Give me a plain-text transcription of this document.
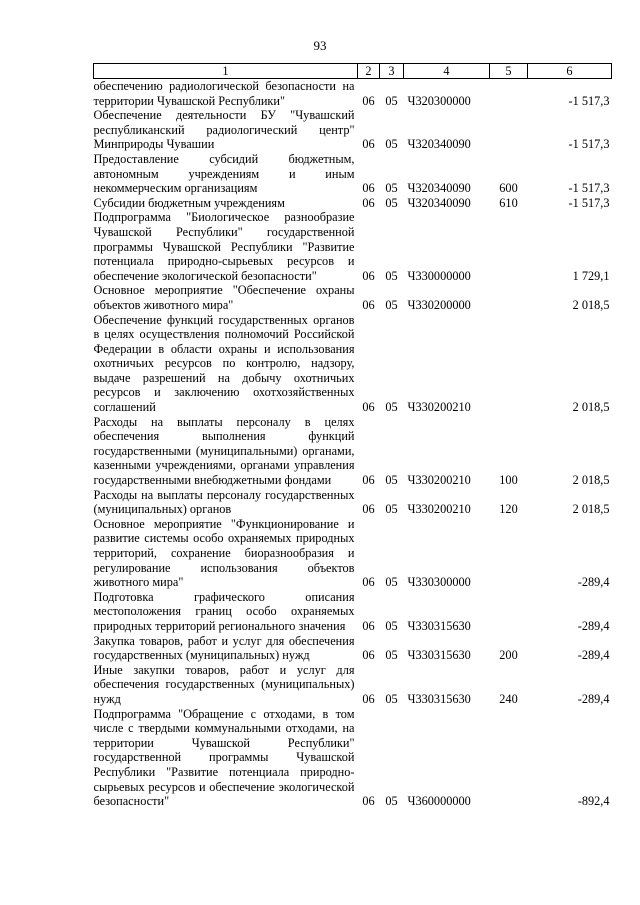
93
1	2	3	4	5	6
обеспечению радиологической безопасности на территории Чувашской Республики"	06	05	Ч320300000		-1 517,3
Обеспечение деятельности БУ "Чувашский республиканский радиологический центр" Минприроды Чувашии	06	05	Ч320340090		-1 517,3
Предоставление субсидий бюджетным, автономным учреждениям и иным некоммерческим организациям	06	05	Ч320340090	600	-1 517,3
Субсидии бюджетным учреждениям	06	05	Ч320340090	610	-1 517,3
Подпрограмма "Биологическое разнообразие Чувашской Республики" государственной программы Чувашской Республики "Развитие потенциала природно-сырьевых ресурсов и обеспечение экологической безопасности"	06	05	Ч330000000		1 729,1
Основное мероприятие "Обеспечение охраны объектов животного мира"	06	05	Ч330200000		2 018,5
Обеспечение функций государственных органов в целях осуществления полномочий Российской Федерации в области охраны и использования охотничьих ресурсов по контролю, надзору, выдаче разрешений на добычу охотничьих ресурсов и заключению охотхозяйственных соглашений	06	05	Ч330200210		2 018,5
Расходы на выплаты персоналу в целях обеспечения выполнения функций государственными (муниципальными) органами, казенными учреждениями, органами управления государственными внебюджетными фондами	06	05	Ч330200210	100	2 018,5
Расходы на выплаты персоналу государственных (муниципальных) органов	06	05	Ч330200210	120	2 018,5
Основное мероприятие "Функционирование и развитие системы особо охраняемых природных территорий, сохранение биоразнообразия и регулирование использования объектов животного мира"	06	05	Ч330300000		-289,4
Подготовка графического описания местоположения границ особо охраняемых природных территорий регионального значения	06	05	Ч330315630		-289,4
Закупка товаров, работ и услуг для обеспечения государственных (муниципальных) нужд	06	05	Ч330315630	200	-289,4
Иные закупки товаров, работ и услуг для обеспечения государственных (муниципальных) нужд	06	05	Ч330315630	240	-289,4
Подпрограмма "Обращение с отходами, в том числе с твердыми коммунальными отходами, на территории Чувашской Республики" государственной программы Чувашской Республики "Развитие потенциала природно-сырьевых ресурсов и обеспечение экологической безопасности"	06	05	Ч360000000		-892,4
